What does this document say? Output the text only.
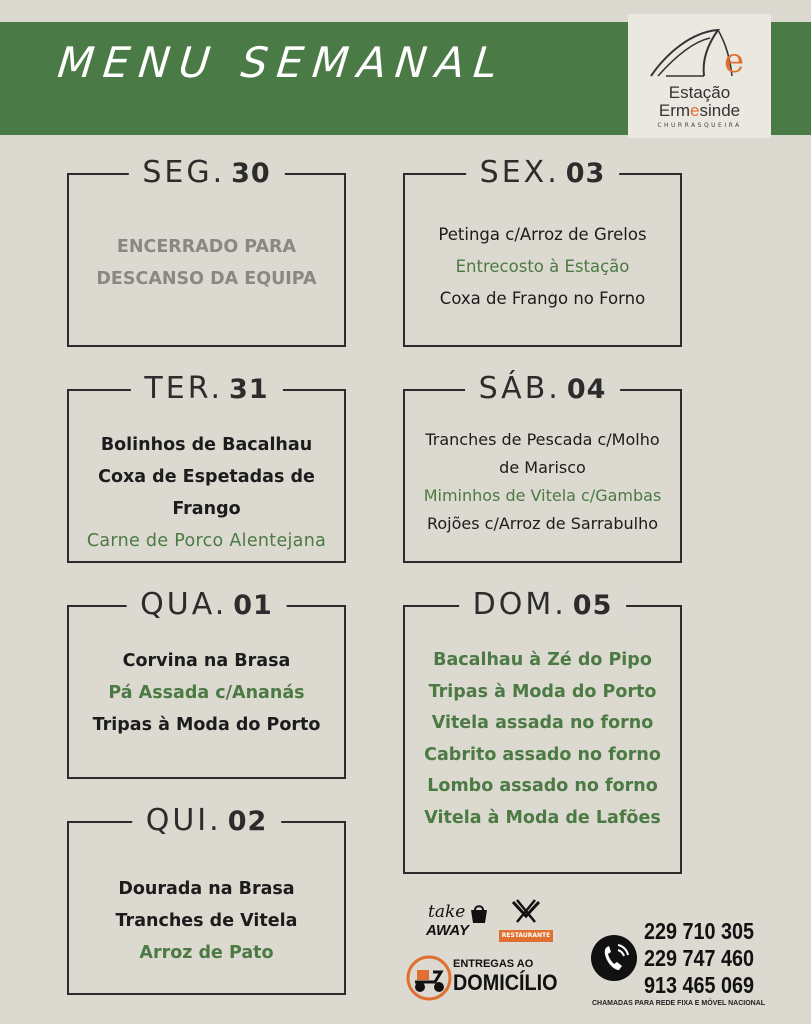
MENU SEMANAL	e
Estação
Ermesinde
CHURRASQUEIRA
SEG. 30
ENCERRADO PARA
DESCANSO DA EQUIPA
TER. 31
Bolinhos de Bacalhau
Coxa de Espetadas de
Frango
Carne de Porco Alentejana
QUA. 01
Corvina na Brasa
Pá Assada c/Ananás
Tripas à Moda do Porto
QUI. 02
Dourada na Brasa
Tranches de Vitela
Arroz de Pato
SEX. 03
Petinga c/Arroz de Grelos
Entrecosto à Estação
Coxa de Frango no Forno
SÁB. 04
Tranches de Pescada c/Molho
de Marisco
Miminhos de Vitela c/Gambas
Rojões c/Arroz de Sarrabulho
DOM. 05
Bacalhau à Zé do Pipo
Tripas à Moda do Porto
Vitela assada no forno
Cabrito assado no forno
Lombo assado no forno
Vitela à Moda de Lafões
take
AWAY	RESTAURANTE
ENTREGAS AO
DOMICÍLIO
229 710 305
229 747 460
913 465 069
CHAMADAS PARA REDE FIXA E MÓVEL NACIONAL
